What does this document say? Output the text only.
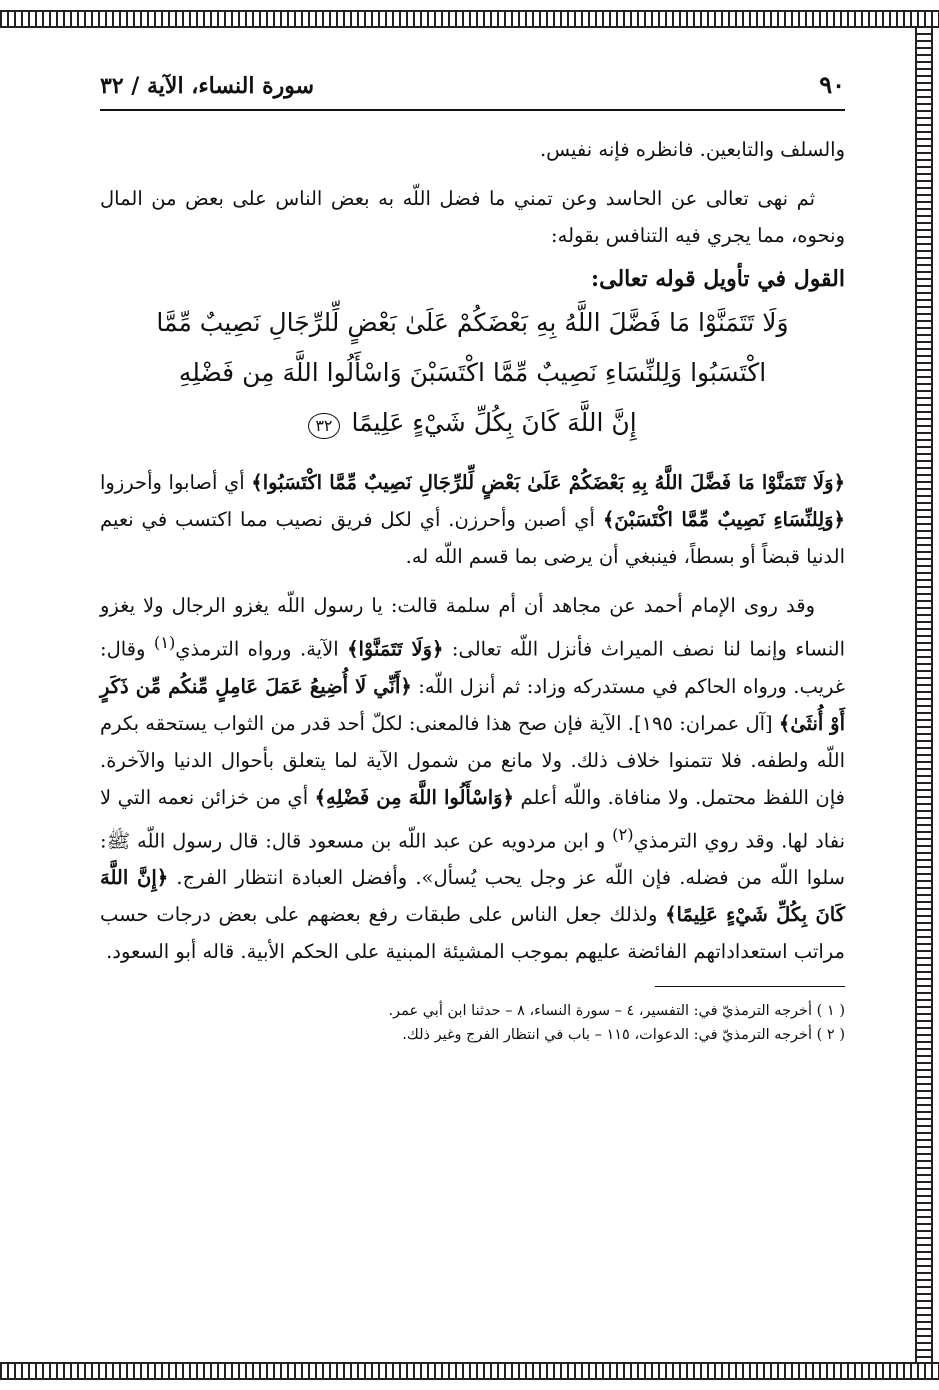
٩٠
سورة النساء، الآية / ٣٢

والسلف والتابعين. فانظره فإنه نفيس.

ثم نهى تعالى عن الحاسد وعن تمني ما فضل اللّه به بعض الناس على بعض من المال ونحوه، مما يجري فيه التنافس بقوله:

القول في تأويل قوله تعالى:
وَلَا تَتَمَنَّوْا مَا فَضَّلَ اللَّهُ بِهِ بَعْضَكُمْ عَلَىٰ بَعْضٍ لِّلرِّجَالِ نَصِيبٌ مِّمَّا
اكْتَسَبُوا وَلِلنِّسَاءِ نَصِيبٌ مِّمَّا اكْتَسَبْنَ وَاسْأَلُوا اللَّهَ مِن فَضْلِهِ
إِنَّ اللَّهَ كَانَ بِكُلِّ شَيْءٍ عَلِيمًا ٣٢

﴿وَلَا تَتَمَنَّوْا مَا فَضَّلَ اللَّهُ بِهِ بَعْضَكُمْ عَلَىٰ بَعْضٍ لِّلرِّجَالِ نَصِيبٌ مِّمَّا اكْتَسَبُوا﴾ أي أصابوا وأحرزوا ﴿وَلِلنِّسَاءِ نَصِيبٌ مِّمَّا اكْتَسَبْنَ﴾ أي أصبن وأحرزن. أي لكل فريق نصيب مما اكتسب في نعيم الدنيا قبضاً أو بسطاً، فينبغي أن يرضى بما قسم اللّه له.

وقد روى الإمام أحمد عن مجاهد أن أم سلمة قالت: يا رسول اللّه يغزو الرجال ولا يغزو النساء وإنما لنا نصف الميراث فأنزل اللّه تعالى: ﴿وَلَا تَتَمَنَّوْا﴾ الآية. ورواه الترمذي$^{(١)}$ وقال: غريب. ورواه الحاكم في مستدركه وزاد: ثم أنزل اللّه: ﴿أَنِّي لَا أُضِيعُ عَمَلَ عَامِلٍ مِّنكُم مِّن ذَكَرٍ أَوْ أُنثَىٰ﴾ [آل عمران: ١٩٥]. الآية فإن صح هذا فالمعنى: لكلّ أحد قدر من الثواب يستحقه بكرم اللّه ولطفه. فلا تتمنوا خلاف ذلك. ولا مانع من شمول الآية لما يتعلق بأحوال الدنيا والآخرة. فإن اللفظ محتمل. ولا منافاة. واللّه أعلم ﴿وَاسْأَلُوا اللَّهَ مِن فَضْلِهِ﴾ أي من خزائن نعمه التي لا نفاد لها. وقد روي الترمذي$^{(٢)}$ و ابن مردويه عن عبد اللّه بن مسعود قال: قال رسول اللّه ﷺ: سلوا اللّه من فضله. فإن اللّه عز وجل يحب يُسأل». وأفضل العبادة انتظار الفرج. ﴿إِنَّ اللَّهَ كَانَ بِكُلِّ شَيْءٍ عَلِيمًا﴾ ولذلك جعل الناس على طبقات رفع بعضهم على بعض درجات حسب مراتب استعداداتهم الفائضة عليهم بموجب المشيئة المبنية على الحكم الأبية. قاله أبو السعود.

( ١ ) أخرجه الترمذيّ في: التفسير، ٤ – سورة النساء، ٨ – حدثنا ابن أبي عمر.

( ٢ ) أخرجه الترمذيّ في: الدعوات، ١١٥ – باب في انتظار الفرج وغير ذلك.
